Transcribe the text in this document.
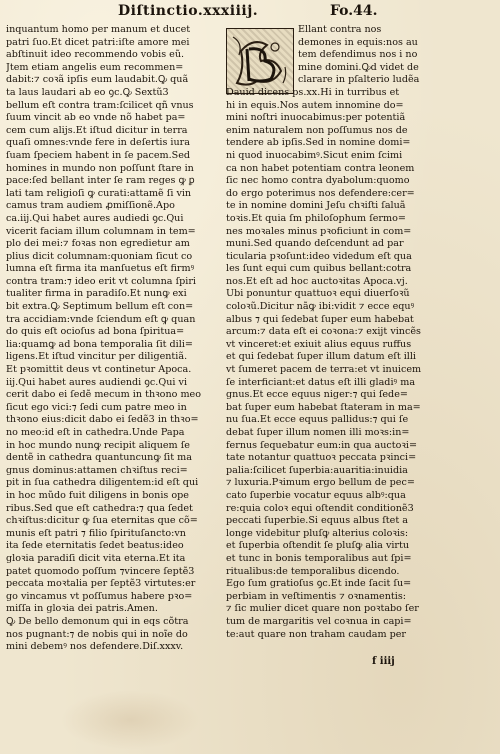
Diſtinctio.xxxiiij.	Fo.44.
inquantum homo per manum et ducet
patri ſuo.Et dicet patri:iſte amore mei
abſtinuit ideo recommendo vobis eũ.
Jtem etiam angelis eum recommen=
dabit:⁊ coꝛã ipſis eum laudabit.Ꝙ quã
ta laus laudari ab eo ꝯc.Ꝙ Sextũ3
bellum eſt contra tram:ſcilicet qñ vnus
ſuum vincit ab eo vnde nõ habet pa=
cem cum alijs.Et iſtud dicitur in terra
quaſi omnes:vnde fere in deſertis iura
ſuam ſpeciem habent in ſe pacem.Sed
homines in mundo non poſſunt ſtare in
pace:ſed bellant inter ſe ram reges ꝙ ꝑ
lati tam religioſi ꝙ curati:attamẽ ſi vin
camus tram audiem ꝓmiſſionẽ.Apo
ca.iij.Qui habet aures audiedi ꝯc.Qui
vicerit faciam illum columnam in tem=
plo dei mei:⁊ foꝛas non egredietur am
plius dicit columnam:quoniam ſicut co
lumna eſt firma ita manſuetus eſt firmꝰ
contra tram:⁊ ideo erit vt columna ſpiri
tualiter firma in paradiſo.Et nunꝙ exi
bit extra.Ꝙ Septimum bellum eſt con=
tra accidiam:vnde ſciendum eſt ꝙ quan
do quis eſt ocioſus ad bona ſpiritua=
lia:quamꝙ ad bona temporalia ſit dili=
ligens.Et iſtud vincitur per diligentiã.
Et pꝛomittit deus vt continetur Apoca.
iij.Qui habet aures audiendi ꝯc.Qui vi
cerit dabo ei ſedẽ mecum in thꝛono meo
ſicut ego vici:⁊ ſedi cum patre meo in
thꝛono eius:dicit dabo ei ſedẽ3 in thꝛo=
no meo:id eſt in cathedra.Unde Papa
in hoc mundo nunꝙ recipit aliquem ſe
dentẽ in cathedra quantuncunꝙ ſit ma
gnus dominus:attamen chꝛiſtus reci=
pit in ſua cathedra diligentem:id eſt qui
in hoc mũdo fuit diligens in bonis ope
ribus.Sed que eſt cathedra:⁊ qua ſedet
chꝛiſtus:dicitur ꝙ ſua eternitas que cõ=
munis eſt patri ⁊ filio ſpirituſancto:vn
ita ſede eternitatis ſedet beatus:ideo
gloꝛia paradiſi dicit vita eterna.Et ita
patet quomodo poſſum ⁊vincere ſeptẽ3
peccata moꝛtalia per ſeptẽ3 virtutes:er
go vincamus vt poſſumus habere pꝛo=
miſſa in gloꝛia dei patris.Amen.
Ꝙ De bello demonum qui in eqs cõtra
nos pugnant:⁊ de nobis qui in noĩe do
mini debemꝰ nos defendere.Diſ.xxxv.
Ellant contra nos
demones in equis:nos au
tem defendimus nos i no
mine domini.Ꝙd videt de
clarare in pſalterio ludẽa
Dauid dicens ps.xx.Hi in turribus et
hi in equis.Nos autem innomine do=
mini noſtri inuocabimus:per potentiã
enim naturalem non poſſumus nos de
tendere ab ipſis.Sed in nomine domi=
ni quod inuocabimꝰ.Sicut enim ſcimi
ca non habet potentiam contra leonem
ſic nec homo contra dyabolum:quomo
do ergo poterimus nos defendere:cer=
te in nomine domini Jeſu chꝛiſti ſaluã
toꝛis.Et quia ſm philoſophum ſermo=
nes moꝛales minus pꝛoficiunt in com=
muni.Sed quando deſcendunt ad par
ticularia pꝛoſunt:ideo videdum eſt qua
les ſunt equi cum quibus bellant:cotra
nos.Et eſt ad hoc auctoꝛitas Apoca.vj.
Ubi ponuntur quattuoꝛ equi diuerſoꝛũ
coloꝛũ.Dicitur nãꝙ ibi:vidit ⁊ ecce equꝰ
albus ⁊ qui ſedebat ſuper eum habebat
arcum:⁊ data eſt ei coꝛona:⁊ exijt vincẽs
vt vinceret:et exiuit alius equus ruffus
et qui ſedebat ſuper illum datum eſt illi
vt ſumeret pacem de terra:et vt inuicem
ſe interficiant:et datus eſt illi gladiꝰ ma
gnus.Et ecce equus niger:⁊ qui ſede=
bat ſuper eum habebat ſtateram in ma=
nu ſua.Et ecce equus pallidus:⁊ qui ſe
debat ſuper illum nomen illi moꝛs:in=
fernus ſequebatur eum:in qua auctoꝛi=
tate notantur quattuoꝛ peccata pꝛinci=
palia:ſcilicet ſuperbia:auaritia:inuidia
⁊ luxuria.Pꝛimum ergo bellum de pec=
cato ſuperbie vocatur equus albꝰ:qua
re:quia coloꝛ equi oſtendit conditionẽ3
peccati ſuperbie.Si equus albus ſtet a
longe videbitur pluſꝙ alterius coloꝛis:
et ſuperbia oſtendit ſe pluſꝙ alia virtu
et tunc in bonis temporalibus aut ſpi=
ritualibus:de temporalibus dicendo.
Ego ſum gratioſus ꝯc.Et inde ſacit ſu=
perbiam in veſtimentis ⁊ oꝛnamentis:
⁊ ſic mulier dicet quare non poꝛtabo ſer
tum de margaritis vel coꝛnua in capi=
te:aut quare non traham caudam per
f iiij
